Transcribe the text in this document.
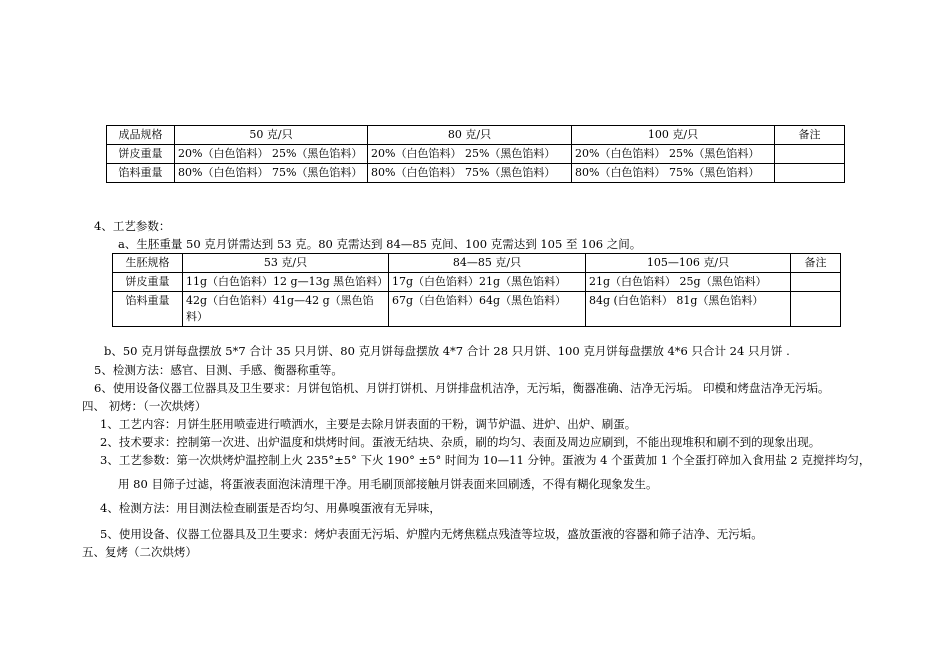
成品规格	50 克/只	80 克/只	100 克/只	备注
饼皮重量	20%（白色馅料） 25%（黑色馅料）	20%（白色馅料） 25%（黑色馅料）	20%（白色馅料） 25%（黑色馅料）	
馅料重量	80%（白色馅料） 75%（黑色馅料）	80%（白色馅料） 75%（黑色馅料）	80%（白色馅料） 75%（黑色馅料）	
4、工艺参数：
a、生胚重量 50 克月饼需达到 53 克。80 克需达到 84—85 克间、100 克需达到 105 至 106 之间。
生胚规格	53 克/只	84—85 克/只	105—106 克/只	备注
饼皮重量	11g（白色馅料）12 g—13g 黑色馅料）	17g（白色馅料）21g（黑色馅料）	21g（白色馅料） 25g（黑色馅料）	
馅料重量	42g（白色馅料）41g—42 g（黑色馅料）	67g（白色馅料）64g（黑色馅料）	84g (白色馅料） 81g（黑色馅料）	
b、50 克月饼每盘摆放 5*7 合计 35 只月饼、80 克月饼每盘摆放 4*7 合计 28 只月饼、100 克月饼每盘摆放 4*6 只合计 24 只月饼 .
5、检测方法：感官、目测、手感、衡器称重等。
6、使用设备仪器工位器具及卫生要求：月饼包馅机、月饼打饼机、月饼排盘机洁净，无污垢，衡器准确、洁净无污垢。 印模和烤盘洁净无污垢。
四、 初烤：（一次烘烤）
1、工艺内容：月饼生胚用喷壶进行喷洒水，主要是去除月饼表面的干粉，调节炉温、进炉、出炉、刷蛋。
2、技术要求：控制第一次进、出炉温度和烘烤时间。蛋液无结块、杂质，刷的均匀、表面及周边应刷到，不能出现堆积和刷不到的现象出现。
3、工艺参数：第一次烘烤炉温控制上火 235°±5° 下火 190° ±5° 时间为 10—11 分钟。蛋液为 4 个蛋黄加 1 个全蛋打碎加入食用盐 2 克搅拌均匀，
用 80 目筛子过滤，将蛋液表面泡沫清理干净。用毛刷顶部接触月饼表面来回刷透，不得有糊化现象发生。
4、检测方法：用目测法检查刷蛋是否均匀、用鼻嗅蛋液有无异味，
5、使用设备、仪器工位器具及卫生要求：烤炉表面无污垢、炉膛内无烤焦糕点残渣等垃圾，盛放蛋液的容器和筛子洁净、无污垢。
五、复烤（二次烘烤）
